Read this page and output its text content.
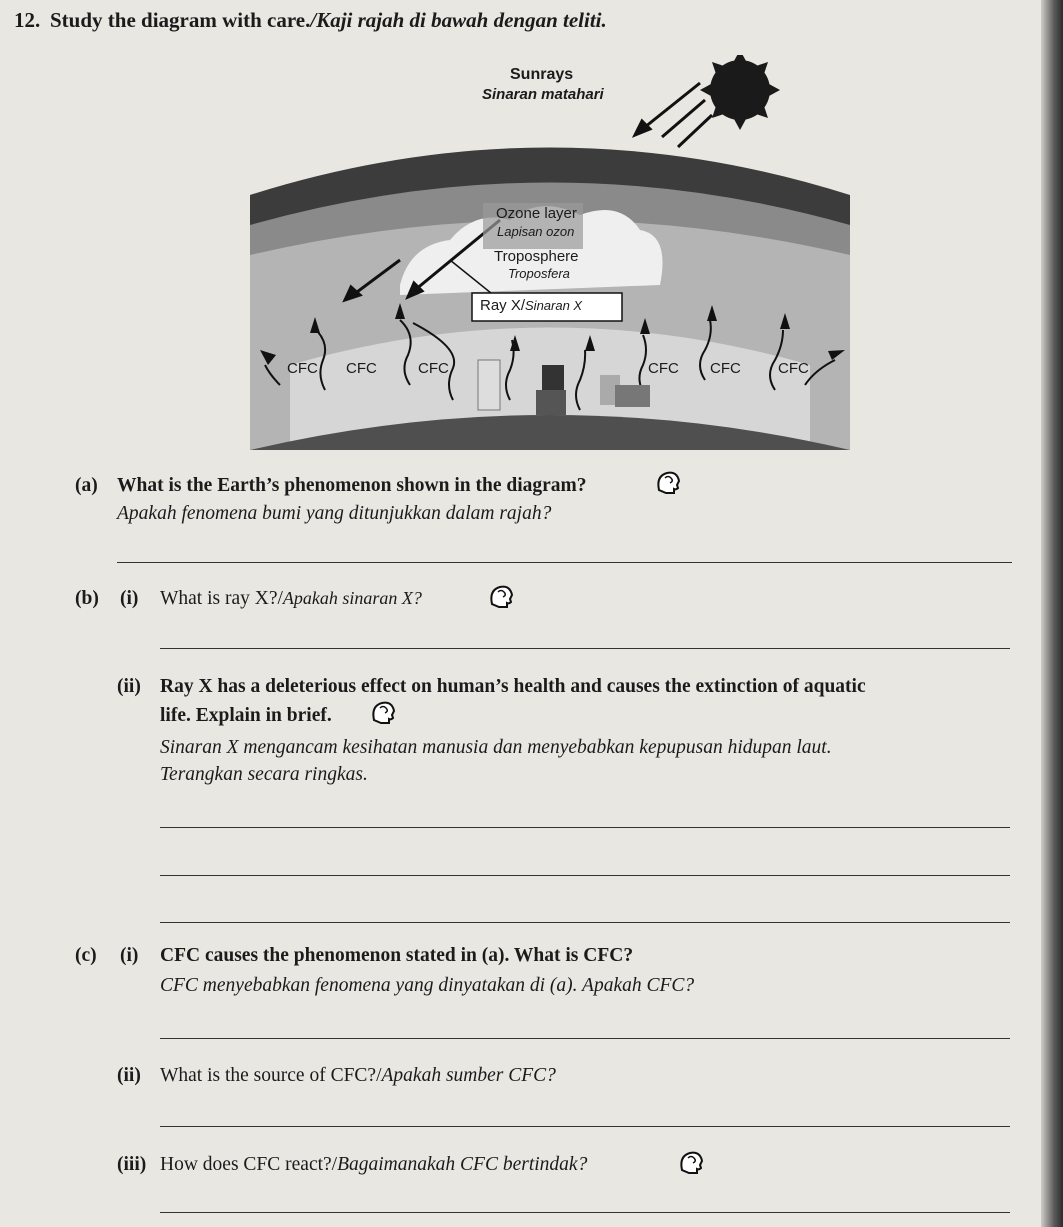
12. Study the diagram with care./Kaji rajah di bawah dengan teliti.
Sunrays
Sinaran matahari
Ozone layer
Lapisan ozon
Troposphere
Troposfera
Ray X/Sinaran X
CFC CFC	CFC	CFC CFC CFC
(a) What is the Earth’s phenomenon shown in the diagram?
Apakah fenomena bumi yang ditunjukkan dalam rajah?
(b) (i) What is ray X?/Apakah sinaran X?
(ii) Ray X has a deleterious effect on human’s health and causes the extinction of aquatic
life. Explain in brief.
Sinaran X mengancam kesihatan manusia dan menyebabkan kepupusan hidupan laut.
Terangkan secara ringkas.
(c) (i) CFC causes the phenomenon stated in (a). What is CFC?
CFC menyebabkan fenomena yang dinyatakan di (a). Apakah CFC?
(ii) What is the source of CFC?/Apakah sumber CFC?
(iii) How does CFC react?/Bagaimanakah CFC bertindak?
